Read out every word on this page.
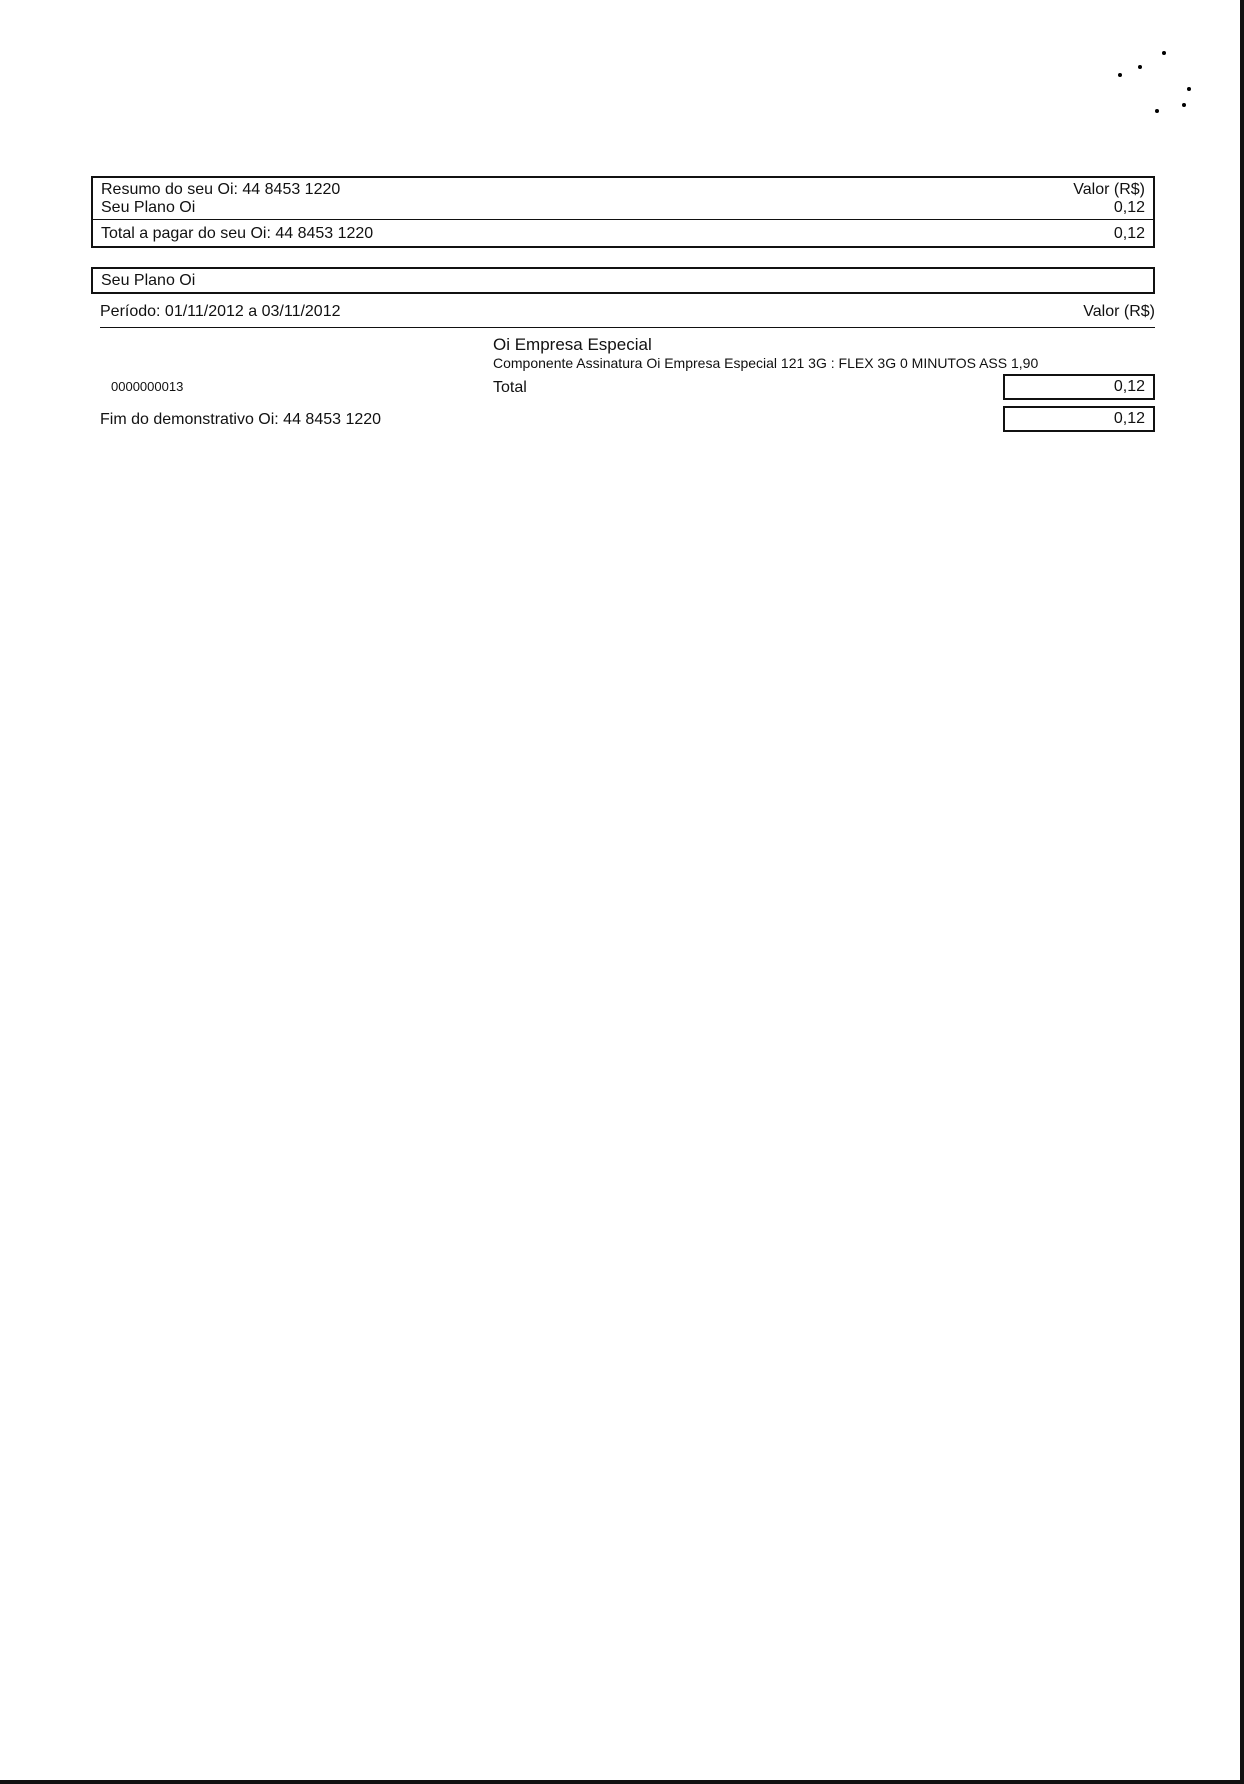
Resumo do seu Oi: 44 8453 1220	Valor (R$)
Seu Plano Oi	0,12
Total a pagar do seu Oi: 44 8453 1220	0,12
Seu Plano Oi
Período: 01/11/2012 a 03/11/2012	Valor (R$)
Oi Empresa Especial
Componente Assinatura Oi Empresa Especial 121 3G : FLEX 3G 0 MINUTOS ASS 1,90
0000000013	Total	0,12
Fim do demonstrativo Oi: 44 8453 1220	0,12
